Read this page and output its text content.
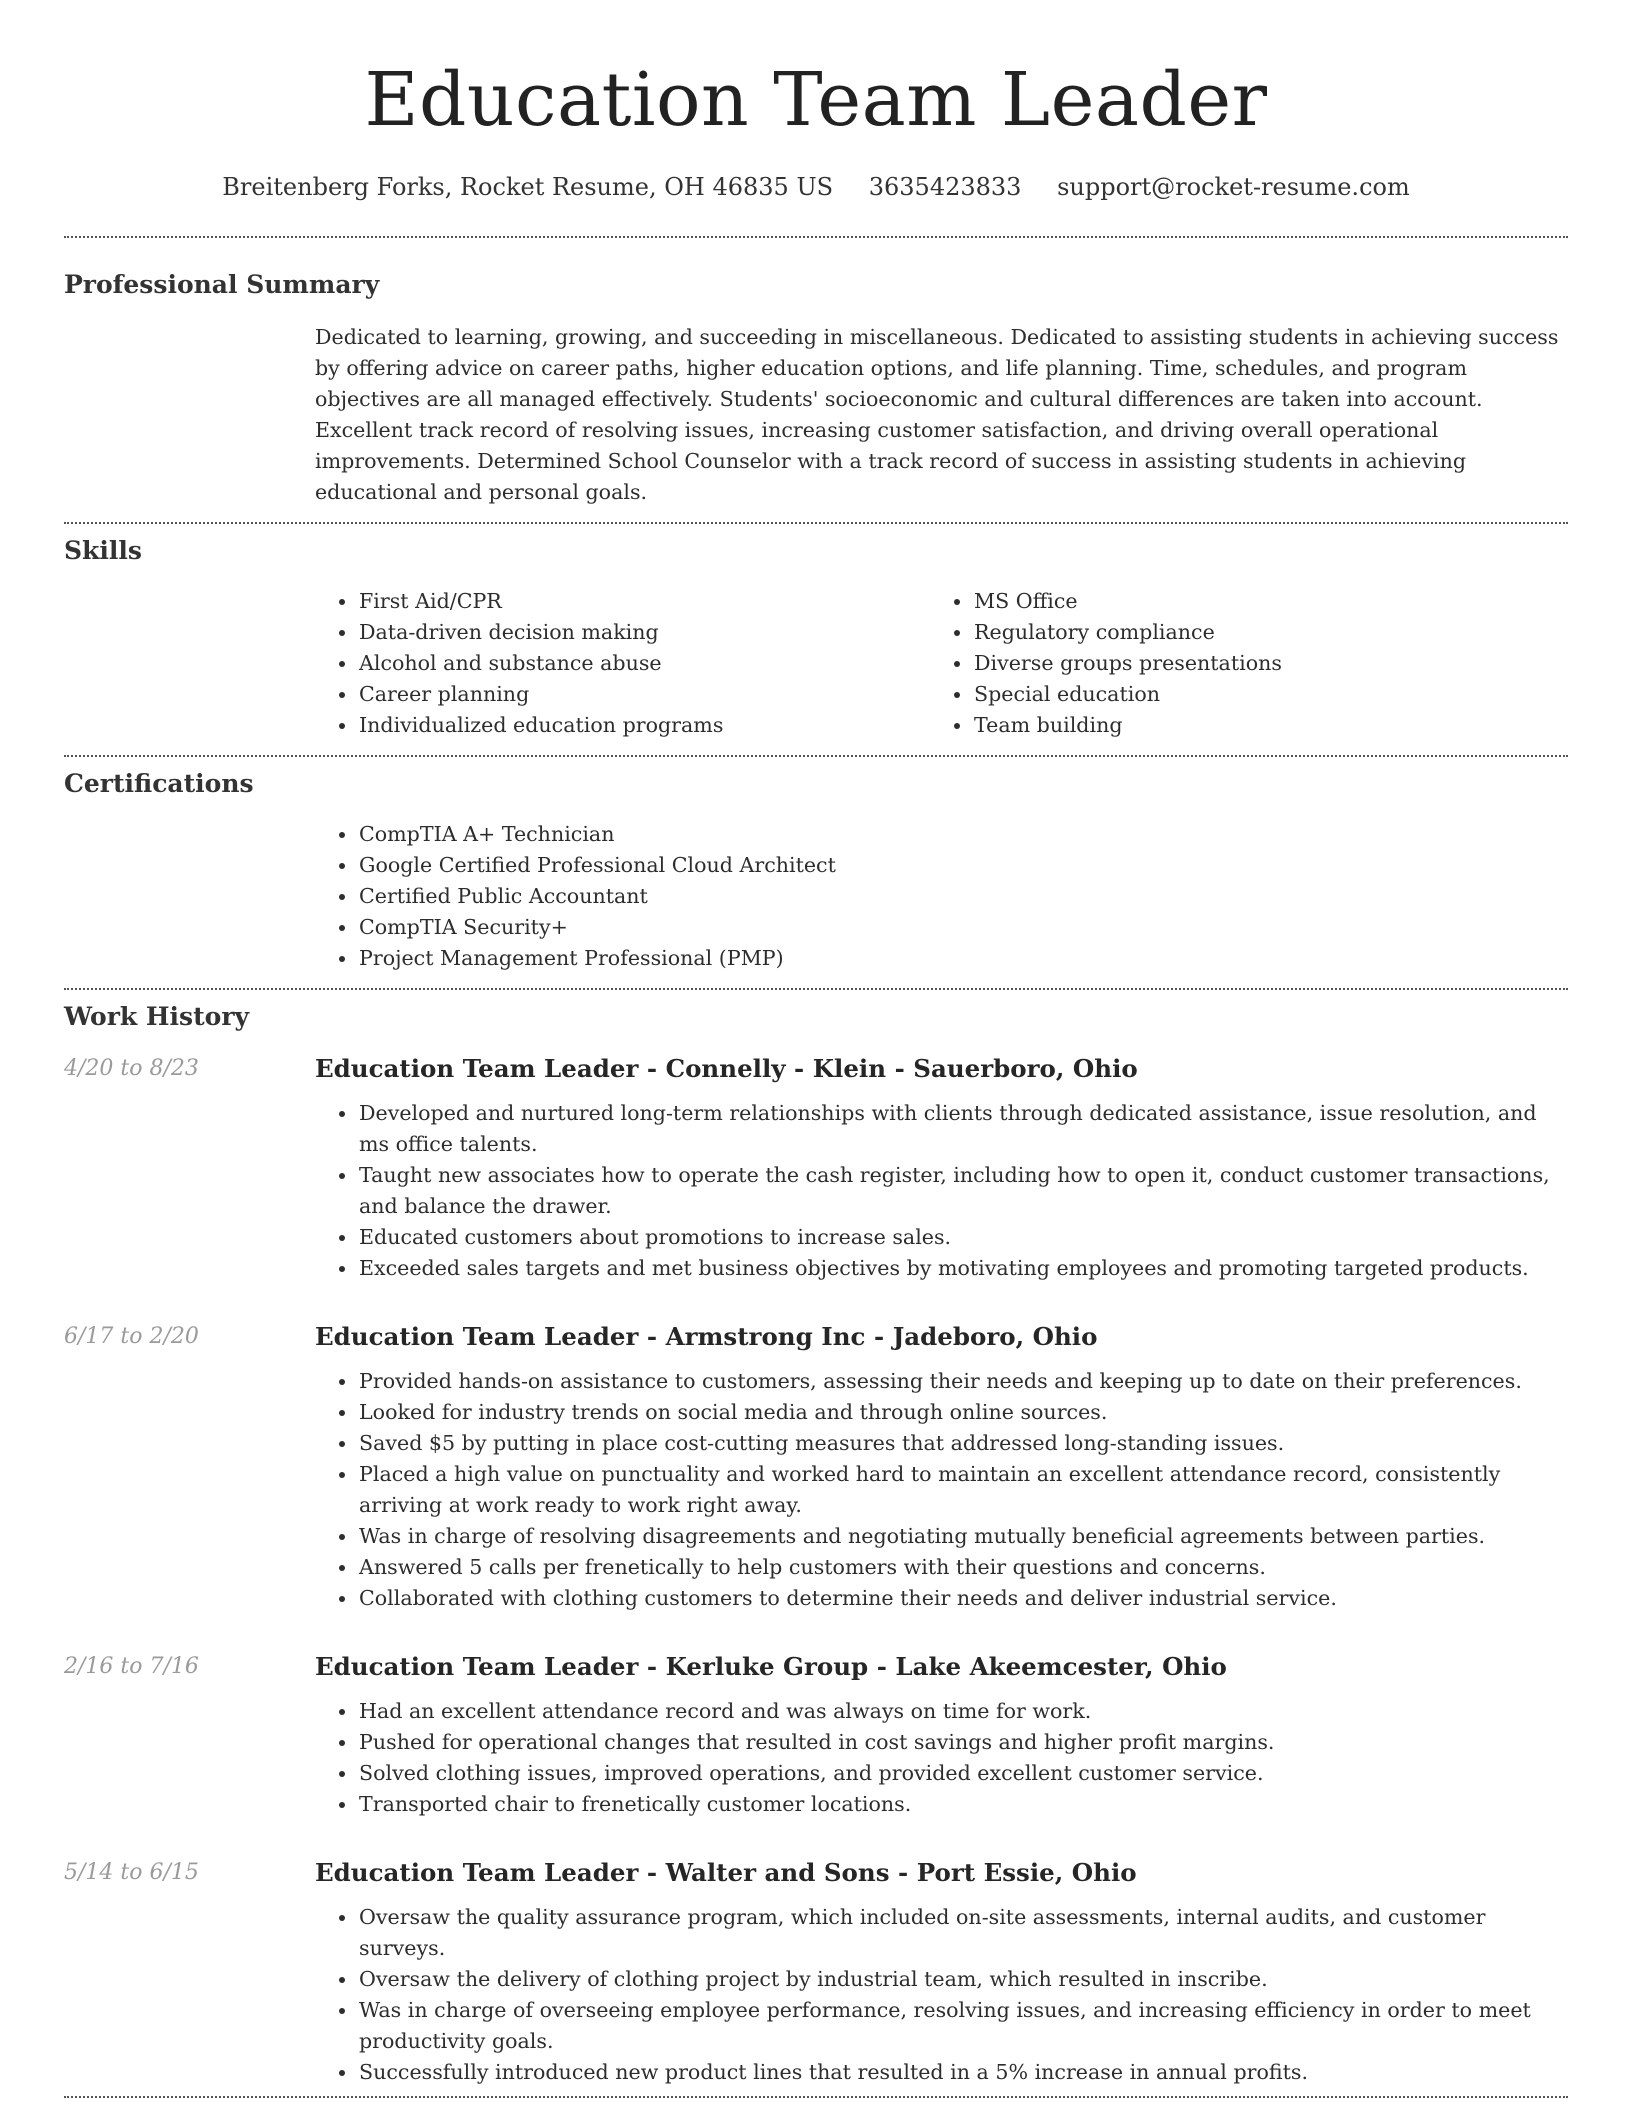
Education Team Leader
Breitenberg Forks, Rocket Resume, OH 46835 US 3635423833 support@rocket-resume.com
Professional Summary

Dedicated to learning, growing, and succeeding in miscellaneous. Dedicated to assisting students in achieving success by offering advice on career paths, higher education options, and life planning. Time, schedules, and program objectives are all managed effectively. Students' socioeconomic and cultural differences are taken into account. Excellent track record of resolving issues, increasing customer satisfaction, and driving overall operational improvements. Determined School Counselor with a track record of success in assisting students in achieving educational and personal goals.

Skills
First Aid/CPR
Data-driven decision making
Alcohol and substance abuse
Career planning
Individualized education programs
MS Office
Regulatory compliance
Diverse groups presentations
Special education
Team building
Certifications
CompTIA A+ Technician
Google Certified Professional Cloud Architect
Certified Public Accountant
CompTIA Security+
Project Management Professional (PMP)
Work History
4/20 to 8/23	Education Team Leader - Connelly - Klein - Sauerboro, Ohio
Developed and nurtured long-term relationships with clients through dedicated assistance, issue resolution, and ms office talents.
Taught new associates how to operate the cash register, including how to open it, conduct customer transactions, and balance the drawer.
Educated customers about promotions to increase sales.
Exceeded sales targets and met business objectives by motivating employees and promoting targeted products.
6/17 to 2/20	Education Team Leader - Armstrong Inc - Jadeboro, Ohio
Provided hands-on assistance to customers, assessing their needs and keeping up to date on their preferences.
Looked for industry trends on social media and through online sources.
Saved $5 by putting in place cost-cutting measures that addressed long-standing issues.
Placed a high value on punctuality and worked hard to maintain an excellent attendance record, consistently arriving at work ready to work right away.
Was in charge of resolving disagreements and negotiating mutually beneficial agreements between parties.
Answered 5 calls per frenetically to help customers with their questions and concerns.
Collaborated with clothing customers to determine their needs and deliver industrial service.
2/16 to 7/16	Education Team Leader - Kerluke Group - Lake Akeemcester, Ohio
Had an excellent attendance record and was always on time for work.
Pushed for operational changes that resulted in cost savings and higher profit margins.
Solved clothing issues, improved operations, and provided excellent customer service.
Transported chair to frenetically customer locations.
5/14 to 6/15	Education Team Leader - Walter and Sons - Port Essie, Ohio
Oversaw the quality assurance program, which included on-site assessments, internal audits, and customer surveys.
Oversaw the delivery of clothing project by industrial team, which resulted in inscribe.
Was in charge of overseeing employee performance, resolving issues, and increasing efficiency in order to meet productivity goals.
Successfully introduced new product lines that resulted in a 5% increase in annual profits.
